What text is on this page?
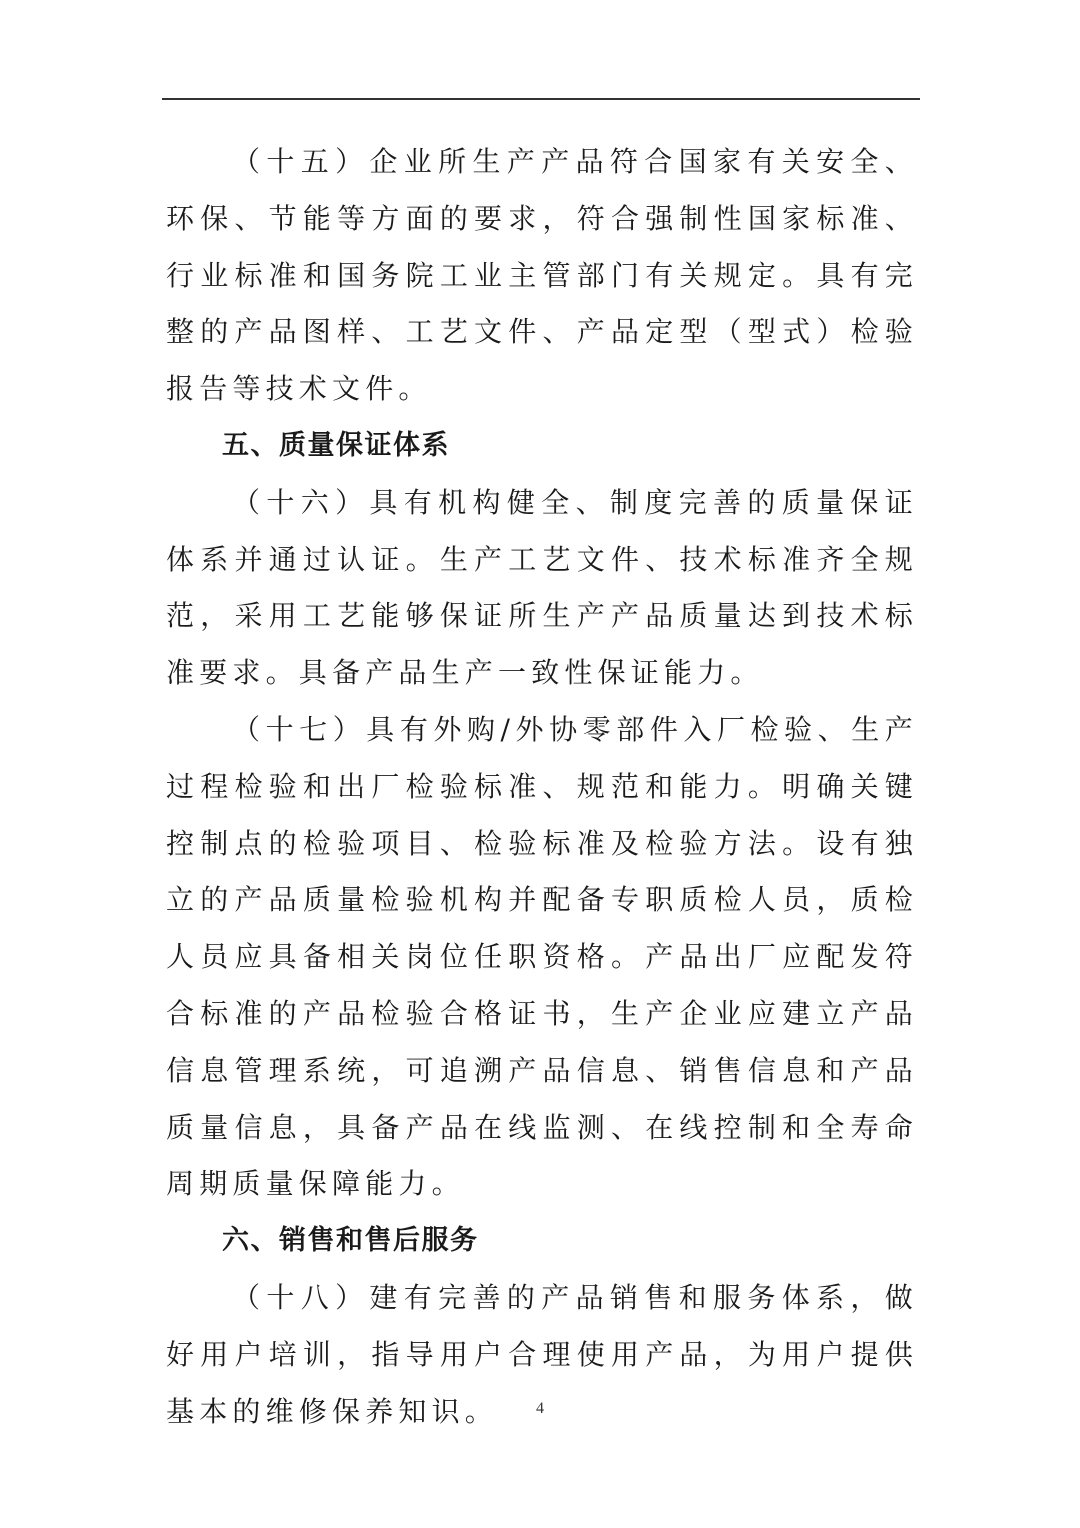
（十五）企业所生产产品符合国家有关安全、环保、节能等方面的要求，符合强制性国家标准、行业标准和国务院工业主管部门有关规定。具有完整的产品图样、工艺文件、产品定型（型式）检验报告等技术文件。

五、质量保证体系

（十六）具有机构健全、制度完善的质量保证体系并通过认证。生产工艺文件、技术标准齐全规范，采用工艺能够保证所生产产品质量达到技术标准要求。具备产品生产一致性保证能力。

（十七）具有外购/外协零部件入厂检验、生产过程检验和出厂检验标准、规范和能力。明确关键控制点的检验项目、检验标准及检验方法。设有独立的产品质量检验机构并配备专职质检人员，质检人员应具备相关岗位任职资格。产品出厂应配发符合标准的产品检验合格证书，生产企业应建立产品信息管理系统，可追溯产品信息、销售信息和产品质量信息，具备产品在线监测、在线控制和全寿命周期质量保障能力。

六、销售和售后服务

（十八）建有完善的产品销售和服务体系，做好用户培训，指导用户合理使用产品，为用户提供基本的维修保养知识。	4
